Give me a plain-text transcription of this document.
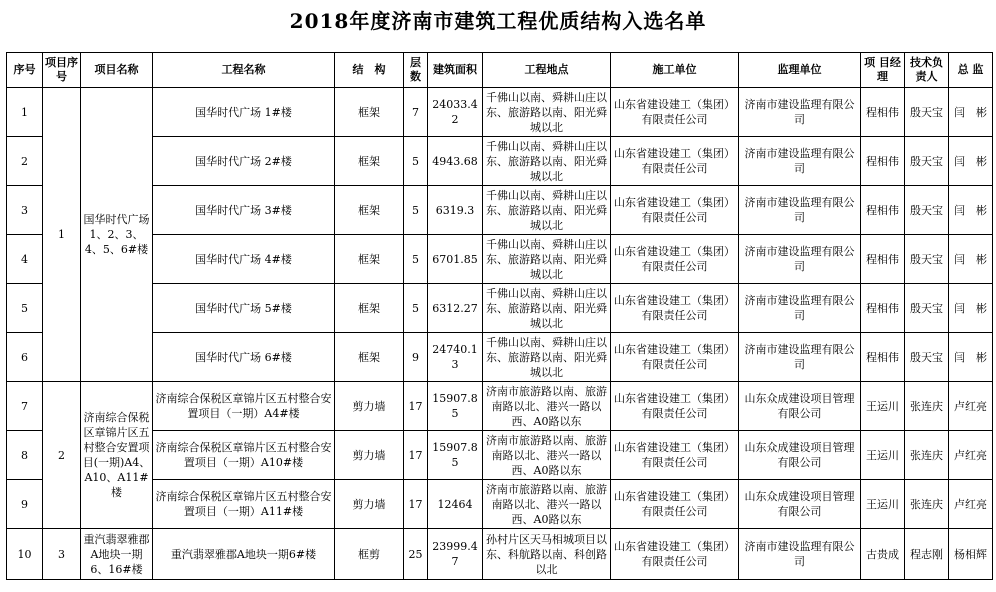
2018年度济南市建筑工程优质结构入选名单
序号	项目序号	项目名称	工程名称	结　构	层数	建筑面积	工程地点	施工单位	监理单位	项 目经 理	技术负责人	总 监
1	1	国华时代广场1、2、3、4、5、6#楼	国华时代广场 1#楼	框架	7	24033.42	千佛山以南、舜耕山庄以东、旅游路以南、阳光舜城以北	山东省建设建工（集团）有限责任公司	济南市建设监理有限公司	程相伟	殷天宝	闫　彬
2			国华时代广场 2#楼	框架	5	4943.68	千佛山以南、舜耕山庄以东、旅游路以南、阳光舜城以北	山东省建设建工（集团）有限责任公司	济南市建设监理有限公司	程相伟	殷天宝	闫　彬
3			国华时代广场 3#楼	框架	5	6319.3	千佛山以南、舜耕山庄以东、旅游路以南、阳光舜城以北	山东省建设建工（集团）有限责任公司	济南市建设监理有限公司	程相伟	殷天宝	闫　彬
4			国华时代广场 4#楼	框架	5	6701.85	千佛山以南、舜耕山庄以东、旅游路以南、阳光舜城以北	山东省建设建工（集团）有限责任公司	济南市建设监理有限公司	程相伟	殷天宝	闫　彬
5			国华时代广场 5#楼	框架	5	6312.27	千佛山以南、舜耕山庄以东、旅游路以南、阳光舜城以北	山东省建设建工（集团）有限责任公司	济南市建设监理有限公司	程相伟	殷天宝	闫　彬
6			国华时代广场 6#楼	框架	9	24740.13	千佛山以南、舜耕山庄以东、旅游路以南、阳光舜城以北	山东省建设建工（集团）有限责任公司	济南市建设监理有限公司	程相伟	殷天宝	闫　彬
7	2	济南综合保税区章锦片区五村整合安置项目(一期)A4、A10、A11#楼	济南综合保税区章锦片区五村整合安置项目（一期）A4#楼	剪力墙	17	15907.85	济南市旅游路以南、旅游南路以北、港兴一路以西、A0路以东	山东省建设建工（集团）有限责任公司	山东众成建设项目管理有限公司	王运川	张连庆	卢红亮
8			济南综合保税区章锦片区五村整合安置项目（一期）A10#楼	剪力墙	17	15907.85	济南市旅游路以南、旅游南路以北、港兴一路以西、A0路以东	山东省建设建工（集团）有限责任公司	山东众成建设项目管理有限公司	王运川	张连庆	卢红亮
9			济南综合保税区章锦片区五村整合安置项目（一期）A11#楼	剪力墙	17	12464	济南市旅游路以南、旅游南路以北、港兴一路以西、A0路以东	山东省建设建工（集团）有限责任公司	山东众成建设项目管理有限公司	王运川	张连庆	卢红亮
10	3	重汽翡翠雅郡A地块一期6、16#楼	重汽翡翠雅郡A地块一期6#楼	框剪	25	23999.47	孙村片区天马相城项目以东、科航路以南、科创路以北	山东省建设建工（集团）有限责任公司	济南市建设监理有限公司	古贵成	程志刚	杨相辉
